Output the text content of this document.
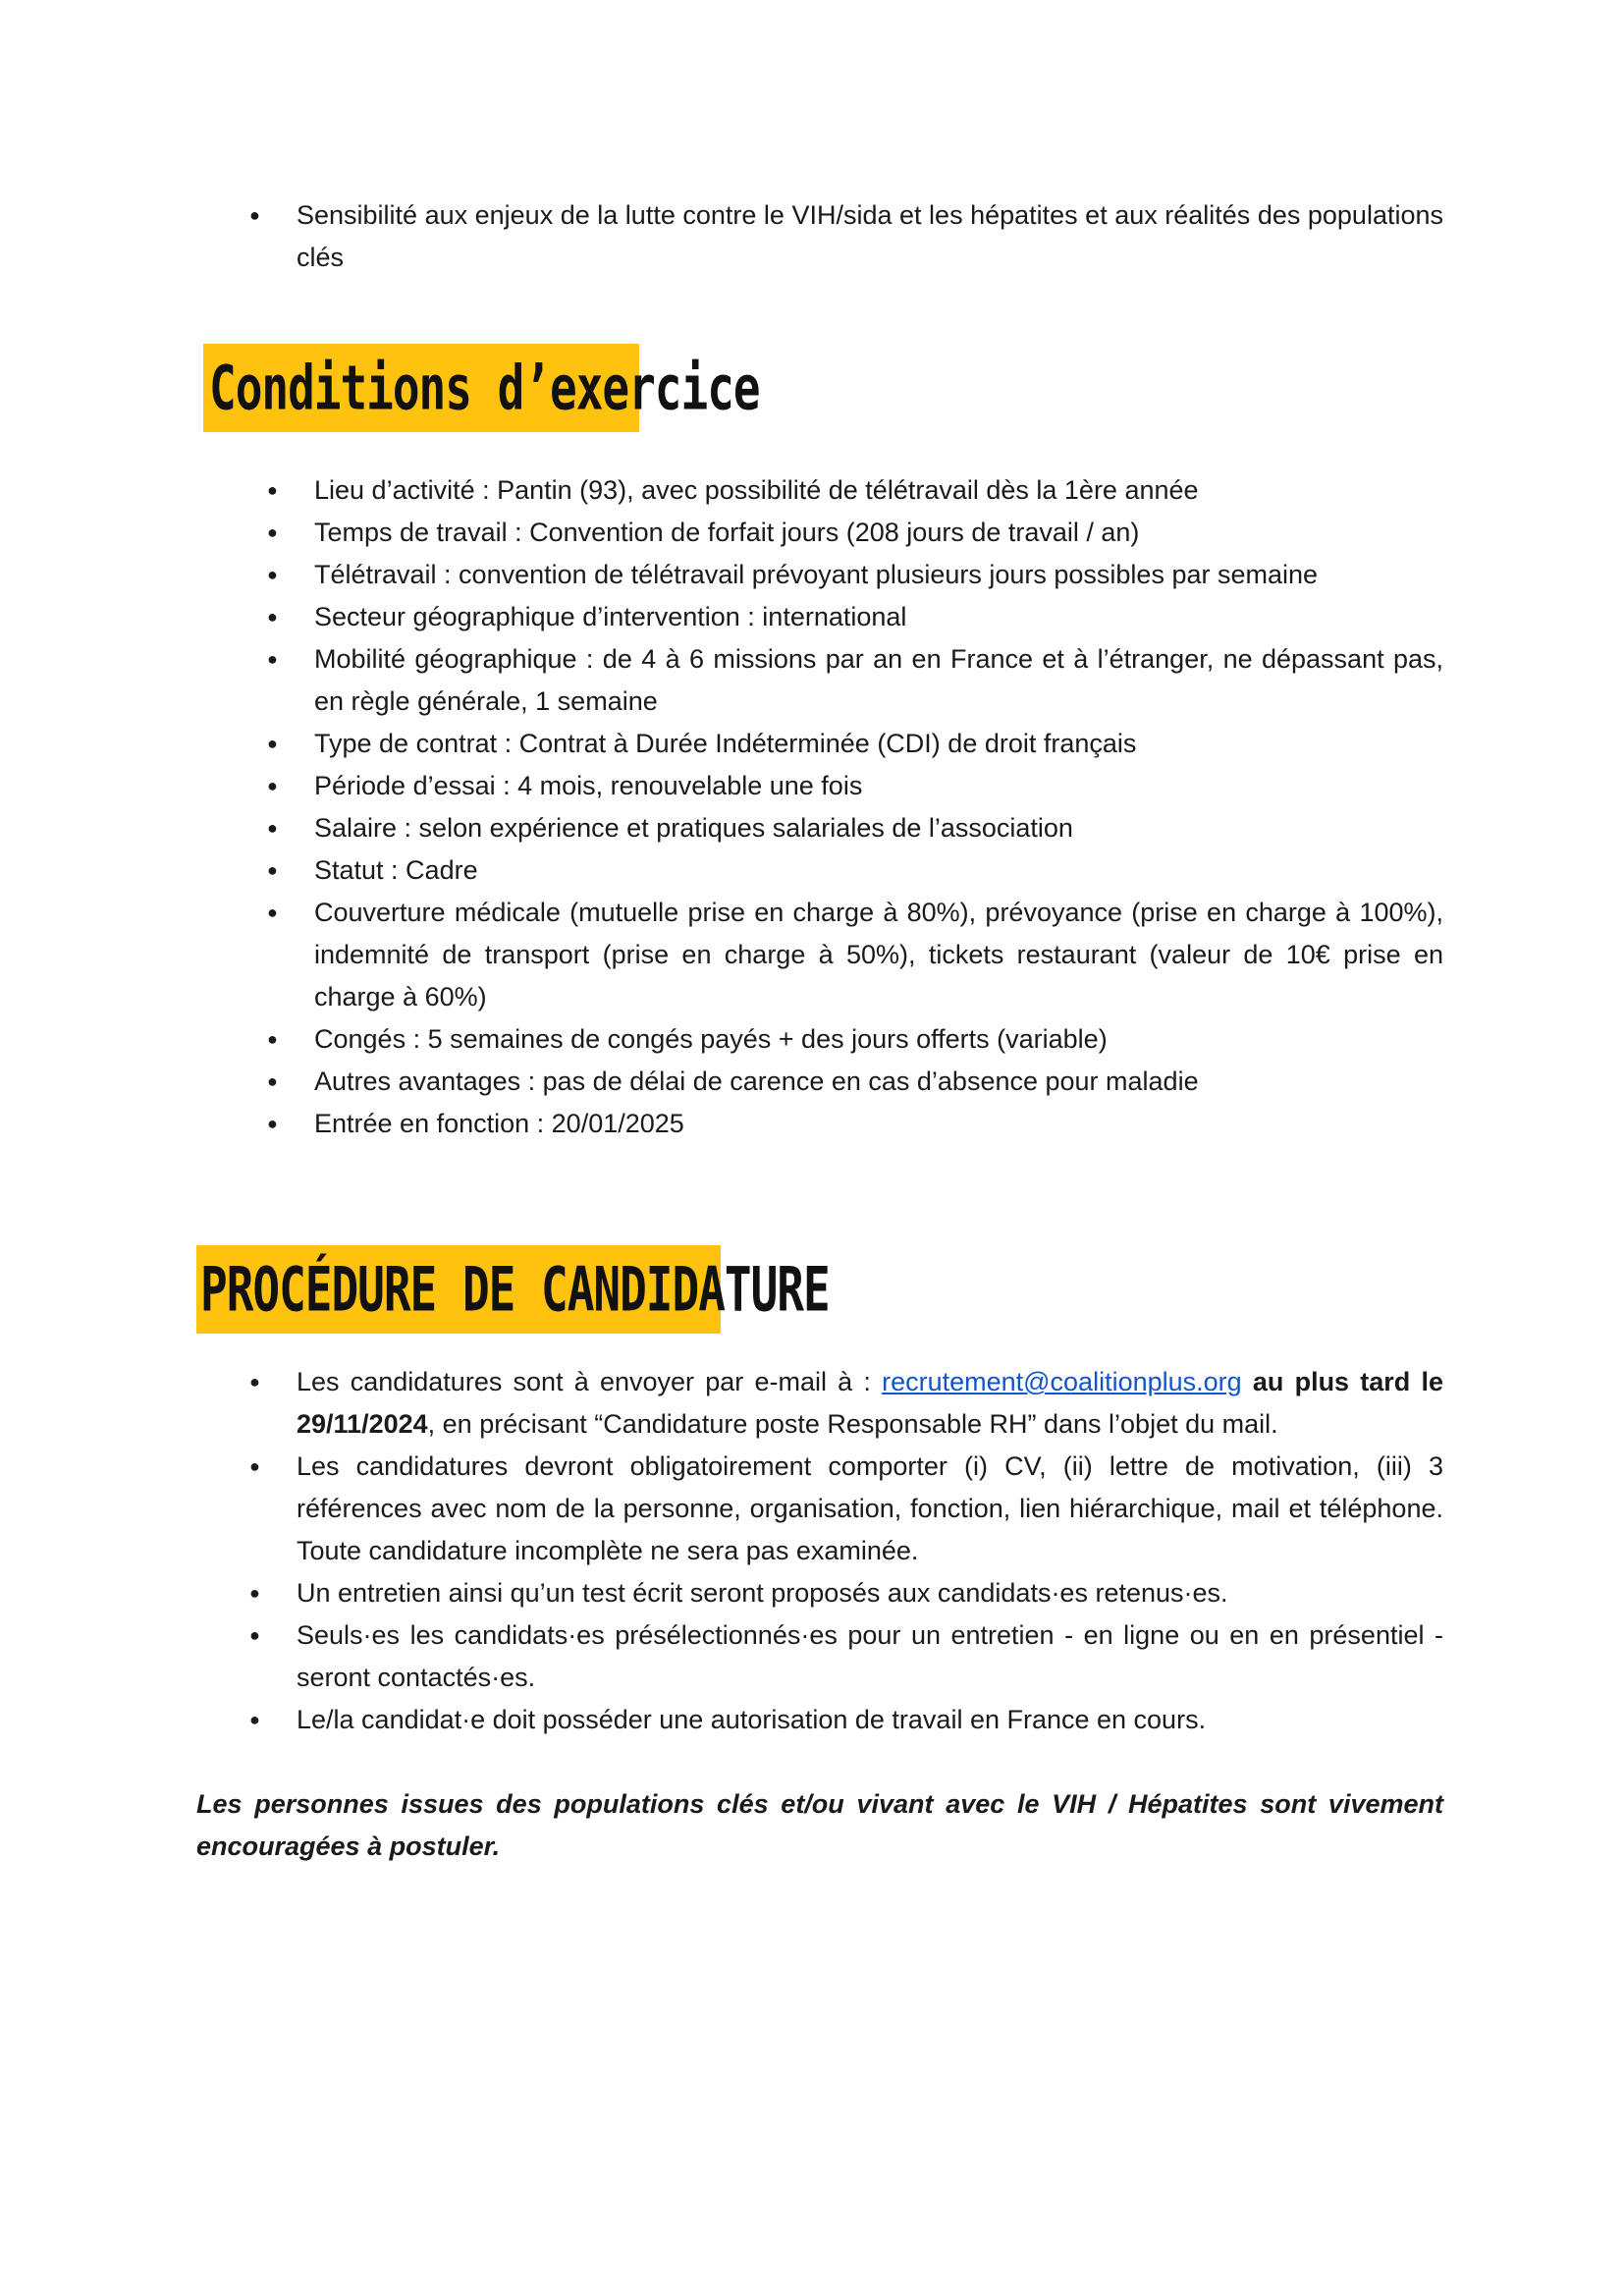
●	Sensibilité aux enjeux de la lutte contre le VIH/sida et les hépatites et aux réalités des populations clés
Conditions d’exercice
●	Lieu d’activité : Pantin (93), avec possibilité de télétravail dès la 1ère année
●	Temps de travail : Convention de forfait jours (208 jours de travail / an)
●	Télétravail : convention de télétravail prévoyant plusieurs jours possibles par semaine
●	Secteur géographique d’intervention : international
●	Mobilité géographique : de 4 à 6 missions par an en France et à l’étranger, ne dépassant pas, en règle générale, 1 semaine
●	Type de contrat : Contrat à Durée Indéterminée (CDI) de droit français
●	Période d’essai : 4 mois, renouvelable une fois
●	Salaire : selon expérience et pratiques salariales de l’association
●	Statut : Cadre
●	Couverture médicale (mutuelle prise en charge à 80%), prévoyance (prise en charge à 100%), indemnité de transport (prise en charge à 50%), tickets restaurant (valeur de 10€ prise en charge à 60%)
●	Congés : 5 semaines de congés payés + des jours offerts (variable)
●	Autres avantages : pas de délai de carence en cas d’absence pour maladie
●	Entrée en fonction : 20/01/2025
PROCÉDURE DE CANDIDATURE
●	Les candidatures sont à envoyer par e-mail à : recrutement@coalitionplus.org au plus tard le 29/11/2024, en précisant “Candidature poste Responsable RH” dans l’objet du mail.
●	Les candidatures devront obligatoirement comporter (i) CV, (ii) lettre de motivation, (iii) 3 références avec nom de la personne, organisation, fonction, lien hiérarchique, mail et téléphone. Toute candidature incomplète ne sera pas examinée.
●	Un entretien ainsi qu’un test écrit seront proposés aux candidats·es retenus·es.
●	Seuls·es les candidats·es présélectionnés·es pour un entretien - en ligne ou en en présentiel - seront contactés·es.
●	Le/la candidat·e doit posséder une autorisation de travail en France en cours.
Les personnes issues des populations clés et/ou vivant avec le VIH / Hépatites sont vivement encouragées à postuler.
